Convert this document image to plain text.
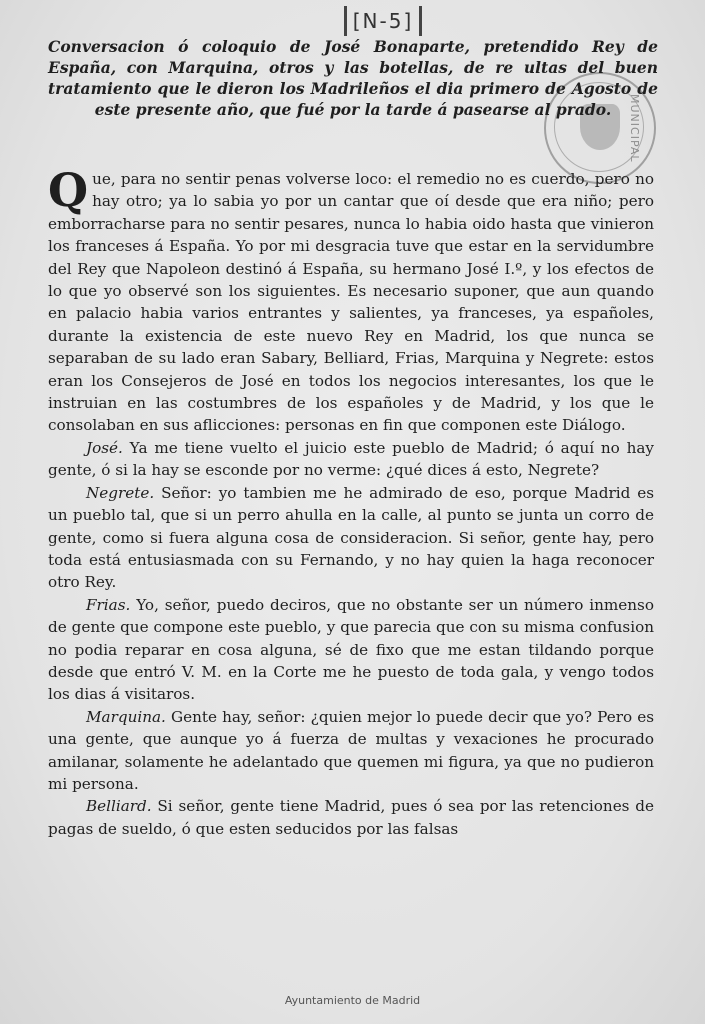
[N-5]
MUNICIPAL
Conversacion ó coloquio de José Bonaparte, pretendido Rey de España, con Marquina, otros y las botellas, de re ultas del buen tratamiento que le dieron los Madrileños el dia primero de Agosto de este presente año, que fué por la tarde á pasearse al prado.

Que, para no sentir penas volverse loco: el remedio no es cuerdo, pero no hay otro; ya lo sabia yo por un cantar que oí desde que era niño; pero emborracharse para no sentir pesares, nunca lo habia oido hasta que vinieron los franceses á España. Yo por mi desgracia tuve que estar en la servidumbre del Rey que Napoleon destinó á España, su hermano José I.º, y los efectos de lo que yo observé son los siguientes. Es necesario suponer, que aun quando en palacio habia varios entrantes y salientes, ya franceses, ya españoles, durante la existencia de este nuevo Rey en Madrid, los que nunca se separaban de su lado eran Sabary, Belliard, Frias, Marquina y Negrete: estos eran los Consejeros de José en todos los negocios interesantes, los que le instruian en las costumbres de los españoles y de Madrid, y los que le consolaban en sus aflicciones: personas en fin que componen este Diálogo.

José. Ya me tiene vuelto el juicio este pueblo de Madrid; ó aquí no hay gente, ó si la hay se esconde por no verme: ¿qué dices á esto, Negrete?

Negrete. Señor: yo tambien me he admirado de eso, porque Madrid es un pueblo tal, que si un perro ahulla en la calle, al punto se junta un corro de gente, como si fuera alguna cosa de consideracion. Si señor, gente hay, pero toda está entusiasmada con su Fernando, y no hay quien la haga reconocer otro Rey.

Frias. Yo, señor, puedo deciros, que no obstante ser un número inmenso de gente que compone este pueblo, y que parecia que con su misma confusion no podia reparar en cosa alguna, sé de fixo que me estan tildando porque desde que entró V. M. en la Corte me he puesto de toda gala, y vengo todos los dias á visitaros.

Marquina. Gente hay, señor: ¿quien mejor lo puede decir que yo? Pero es una gente, que aunque yo á fuerza de multas y vexaciones he procurado amilanar, solamente he adelantado que quemen mi figura, ya que no pudieron mi persona.

Belliard. Si señor, gente tiene Madrid, pues ó sea por las retenciones de pagas de sueldo, ó que esten seducidos por las falsas

Ayuntamiento de Madrid
